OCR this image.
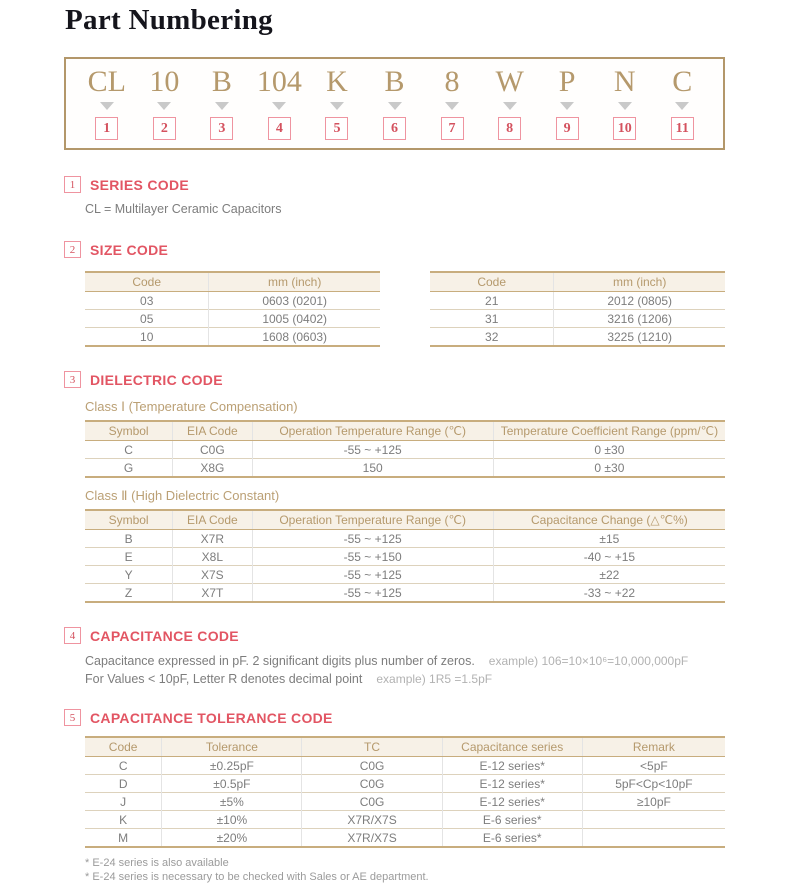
Part Numbering
CL
1
10
2
B
3
104
4
K
5
B
6
8
7
W
8
P
9
N
10
C
11
1	SERIES CODE
CL = Multilayer Ceramic Capacitors
2	SIZE CODE
Code	mm (inch)
03	0603 (0201)
05	1005 (0402)
10	1608 (0603)
Code	mm (inch)
21	2012 (0805)
31	3216 (1206)
32	3225 (1210)
3	DIELECTRIC CODE
Class Ⅰ (Temperature Compensation)
Symbol	EIA Code	Operation Temperature Range (℃)	Temperature Coefficient Range (ppm/℃)
C	C0G	-55 ~ +125	0 ±30
G	X8G	150	0 ±30
Class Ⅱ (High Dielectric Constant)
Symbol	EIA Code	Operation Temperature Range (℃)	Capacitance Change (△℃%)
B	X7R	-55 ~ +125	±15
E	X8L	-55 ~ +150	-40 ~ +15
Y	X7S	-55 ~ +125	±22
Z	X7T	-55 ~ +125	-33 ~ +22
4	CAPACITANCE CODE
Capacitance expressed in pF. 2 significant digits plus number of zeros. example) 106=10×10⁶=10,000,000pF
For Values < 10pF, Letter R denotes decimal point example) 1R5 =1.5pF
5	CAPACITANCE TOLERANCE CODE
Code	Tolerance	TC	Capacitance series	Remark
C	±0.25pF	C0G	E-12 series*	<5pF
D	±0.5pF	C0G	E-12 series*	5pF<Cp<10pF
J	±5%	C0G	E-12 series*	≥10pF
K	±10%	X7R/X7S	E-6 series*	
M	±20%	X7R/X7S	E-6 series*	
* E-24 series is also available
* E-24 series is necessary to be checked with Sales or AE department.
